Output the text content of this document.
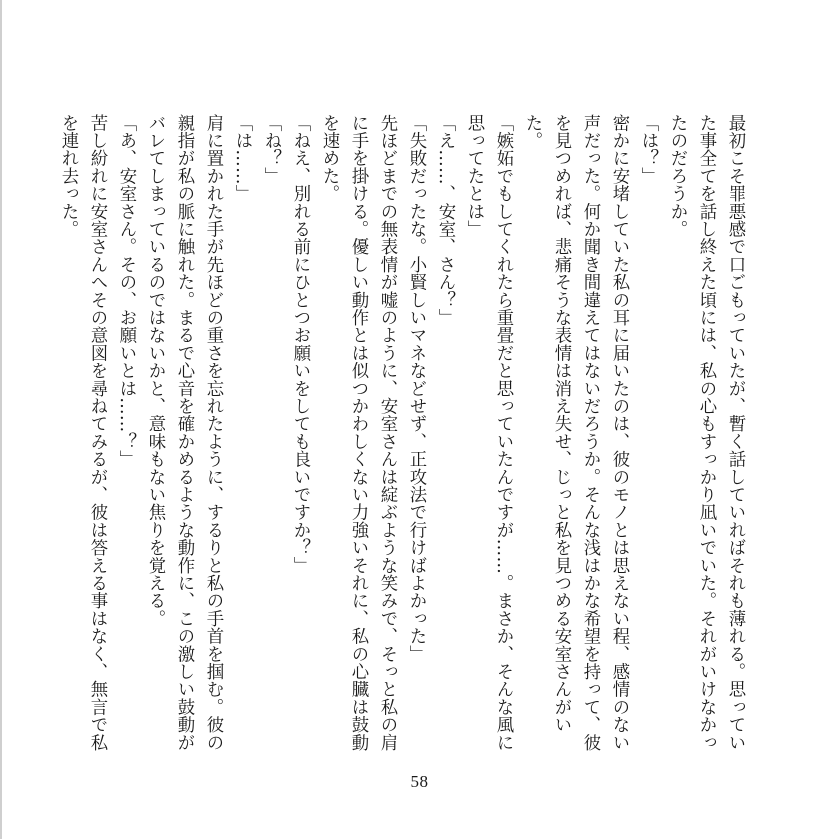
最初こそ罪悪感で口ごもっていたが、暫く話していればそれも薄れる。思っていた事全てを話し終えた頃には、私の心もすっかり凪いでいた。それがいけなかったのだろうか。

「は？」

密かに安堵していた私の耳に届いたのは、彼のモノとは思えない程、感情のない声だった。何か聞き間違えてはないだろうか。そんな浅はかな希望を持って、彼を見つめれば、悲痛そうな表情は消え失せ、じっと私を見つめる安室さんがいた。

「嫉妬でもしてくれたら重畳だと思っていたんですが……。まさか、そんな風に思ってたとは」

「え……、安室、さん？」

「失敗だったな。小賢しいマネなどせず、正攻法で行けばよかった」

先ほどまでの無表情が嘘のように、安室さんは綻ぶような笑みで、そっと私の肩に手を掛ける。優しい動作とは似つかわしくない力強いそれに、私の心臓は鼓動を速めた。

「ねえ、別れる前にひとつお願いをしても良いですか？」

「ね？」

「は……」

肩に置かれた手が先ほどの重さを忘れたように、するりと私の手首を掴む。彼の親指が私の脈に触れた。まるで心音を確かめるような動作に、この激しい鼓動がバレてしまっているのではないかと、意味もない焦りを覚える。

「あ、安室さん。その、お願いとは……？」

苦し紛れに安室さんへその意図を尋ねてみるが、彼は答える事はなく、無言で私を連れ去った。

58
